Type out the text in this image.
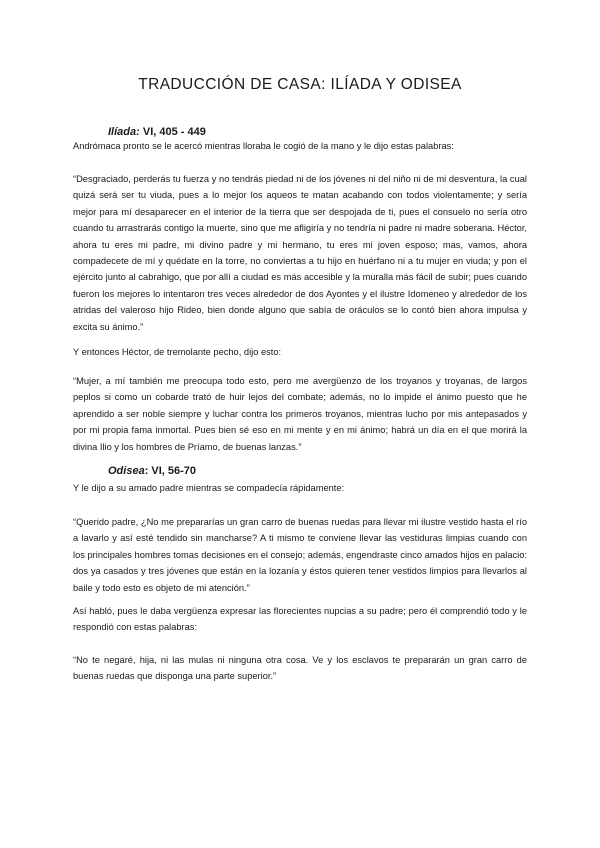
TRADUCCIÓN DE CASA: ILÍADA Y ODISEA
Ilíada: VI, 405 - 449

Andrómaca pronto se le acercó mientras lloraba le cogió de la mano y le dijo estas palabras:

“Desgraciado, perderás tu fuerza y no tendrás piedad ni de los jóvenes ni del niño ni de mi desventura, la cual quizá será ser tu viuda, pues a lo mejor los aqueos te matan acabando con todos violentamente; y sería mejor para mí desaparecer en el interior de la tierra que ser despojada de ti, pues el consuelo no sería otro cuando tu arrastrarás contigo la muerte, sino que me afligiría y no tendría ni padre ni madre soberana. Héctor, ahora tu eres mi padre, mi divino padre y mi hermano, tu eres mi joven esposo; mas, vamos, ahora compadecete de mí y quédate en la torre, no conviertas a tu hijo en huérfano ni a tu mujer en viuda; y pon el ejército junto al cabrahigo, que por allí a ciudad es más accesible y la muralla más fácil de subir; pues cuando fueron los mejores lo intentaron tres veces alrededor de dos Ayontes y el ilustre Idomeneo y alrededor de los atridas del valeroso hijo Rideo, bien donde alguno que sabía de oráculos se lo contó bien ahora impulsa y excita su ánimo.”

Y entonces Héctor, de tremolante pecho, dijo esto:

“Mujer, a mí también me preocupa todo esto, pero me avergüenzo de los troyanos y troyanas, de largos peplos si como un cobarde trató de huir lejos del combate; además, no lo impide el ánimo puesto que he aprendido a ser noble siempre y luchar contra los primeros troyanos, mientras lucho por mis antepasados y por mi propia fama inmortal. Pues bien sé eso en mi mente y en mi ánimo; habrá un día en el que morirá la divina Ilio y los hombres de Príamo, de buenas lanzas.”

Odisea: VI, 56-70

Y le dijo a su amado padre mientras se compadecía rápidamente:

“Querido padre, ¿No me prepararías un gran carro de buenas ruedas para llevar mi ilustre vestido hasta el río a lavarlo y así esté tendido sin mancharse? A ti mismo te conviene llevar las vestiduras limpias cuando con los principales hombres tomas decisiones en el consejo; además, engendraste cinco amados hijos en palacio: dos ya casados y tres jóvenes que están en la lozanía y éstos quieren tener vestidos limpios para llevarlos al baile y todo esto es objeto de mi atención.”

Así habló, pues le daba vergüenza expresar las florecientes nupcias a su padre; pero él comprendió todo y le respondió con estas palabras:

“No te negaré, hija, ni las mulas ni ninguna otra cosa. Ve y los esclavos te prepararán un gran carro de buenas ruedas que disponga una parte superior.”
